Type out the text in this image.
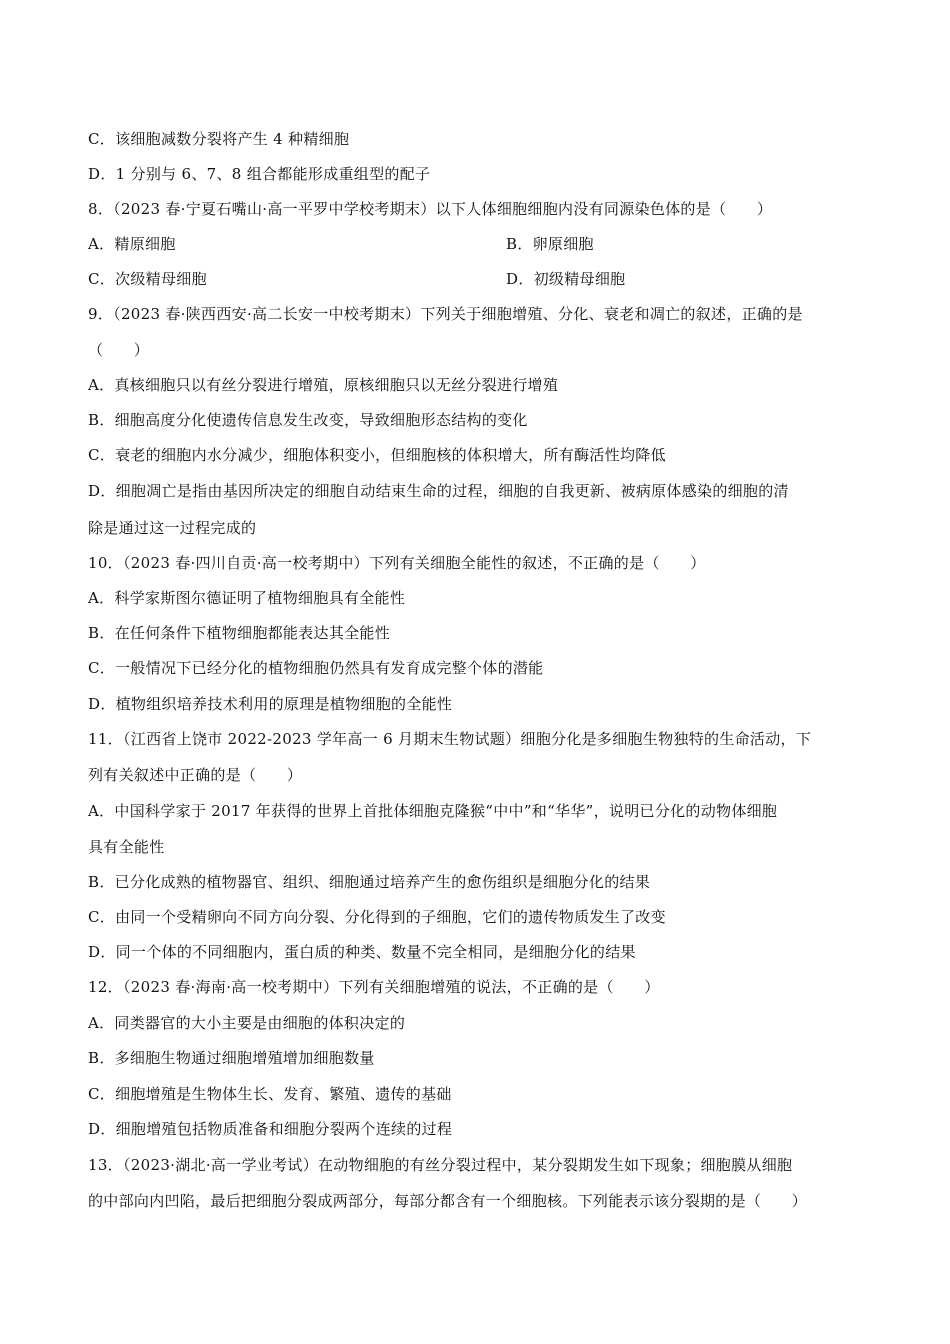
C．该细胞减数分裂将产生 4 种精细胞
D．1 分别与 6、7、8 组合都能形成重组型的配子
8．（2023 春·宁夏石嘴山·高一平罗中学校考期末）以下人体细胞细胞内没有同源染色体的是（　　）
A．精原细胞	B．卵原细胞
C．次级精母细胞	D．初级精母细胞
9．（2023 春·陕西西安·高二长安一中校考期末）下列关于细胞增殖、分化、衰老和凋亡的叙述，正确的是
（　　）
A．真核细胞只以有丝分裂进行增殖，原核细胞只以无丝分裂进行增殖
B．细胞高度分化使遗传信息发生改变，导致细胞形态结构的变化
C．衰老的细胞内水分减少，细胞体积变小，但细胞核的体积增大，所有酶活性均降低
D．细胞凋亡是指由基因所决定的细胞自动结束生命的过程，细胞的自我更新、被病原体感染的细胞的清
除是通过这一过程完成的
10．（2023 春·四川自贡·高一校考期中）下列有关细胞全能性的叙述，不正确的是（　　）
A．科学家斯图尔德证明了植物细胞具有全能性
B．在任何条件下植物细胞都能表达其全能性
C．一般情况下已经分化的植物细胞仍然具有发育成完整个体的潜能
D．植物组织培养技术利用的原理是植物细胞的全能性
11．（江西省上饶市 2022-2023 学年高一 6 月期末生物试题）细胞分化是多细胞生物独特的生命活动，下
列有关叙述中正确的是（　　）
A．中国科学家于 2017 年获得的世界上首批体细胞克隆猴“中中”和“华华”，说明已分化的动物体细胞
具有全能性
B．已分化成熟的植物器官、组织、细胞通过培养产生的愈伤组织是细胞分化的结果
C．由同一个受精卵向不同方向分裂、分化得到的子细胞，它们的遗传物质发生了改变
D．同一个体的不同细胞内，蛋白质的种类、数量不完全相同，是细胞分化的结果
12．（2023 春·海南·高一校考期中）下列有关细胞增殖的说法，不正确的是（　　）
A．同类器官的大小主要是由细胞的体积决定的
B．多细胞生物通过细胞增殖增加细胞数量
C．细胞增殖是生物体生长、发育、繁殖、遗传的基础
D．细胞增殖包括物质准备和细胞分裂两个连续的过程
13．（2023·湖北·高一学业考试）在动物细胞的有丝分裂过程中，某分裂期发生如下现象；细胞膜从细胞
的中部向内凹陷，最后把细胞分裂成两部分，每部分都含有一个细胞核。下列能表示该分裂期的是（　　）
